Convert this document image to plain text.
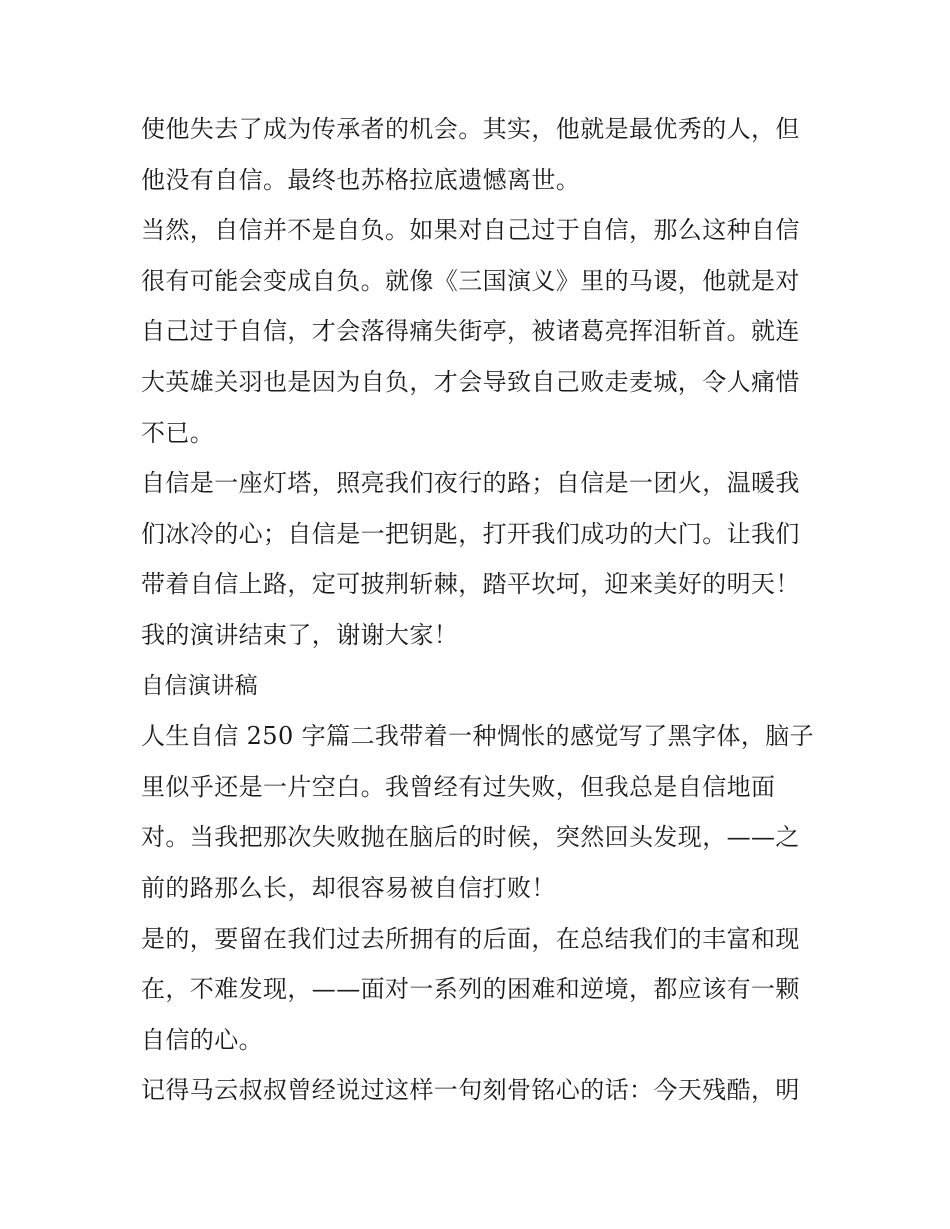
使他失去了成为传承者的机会。其实，他就是最优秀的人，但
他没有自信。最终也苏格拉底遗憾离世。
当然，自信并不是自负。如果对自己过于自信，那么这种自信
很有可能会变成自负。就像《三国演义》里的马谡，他就是对
自己过于自信，才会落得痛失街亭，被诸葛亮挥泪斩首。就连
大英雄关羽也是因为自负，才会导致自己败走麦城，令人痛惜
不已。
自信是一座灯塔，照亮我们夜行的路；自信是一团火，温暖我
们冰冷的心；自信是一把钥匙，打开我们成功的大门。让我们
带着自信上路，定可披荆斩棘，踏平坎坷，迎来美好的明天！
我的演讲结束了，谢谢大家！
自信演讲稿
人生自信 250 字篇二我带着一种惆怅的感觉写了黑字体，脑子
里似乎还是一片空白。我曾经有过失败，但我总是自信地面
对。当我把那次失败抛在脑后的时候，突然回头发现，——之
前的路那么长，却很容易被自信打败！
是的，要留在我们过去所拥有的后面，在总结我们的丰富和现
在，不难发现，——面对一系列的困难和逆境，都应该有一颗
自信的心。
记得马云叔叔曾经说过这样一句刻骨铭心的话：今天残酷，明
